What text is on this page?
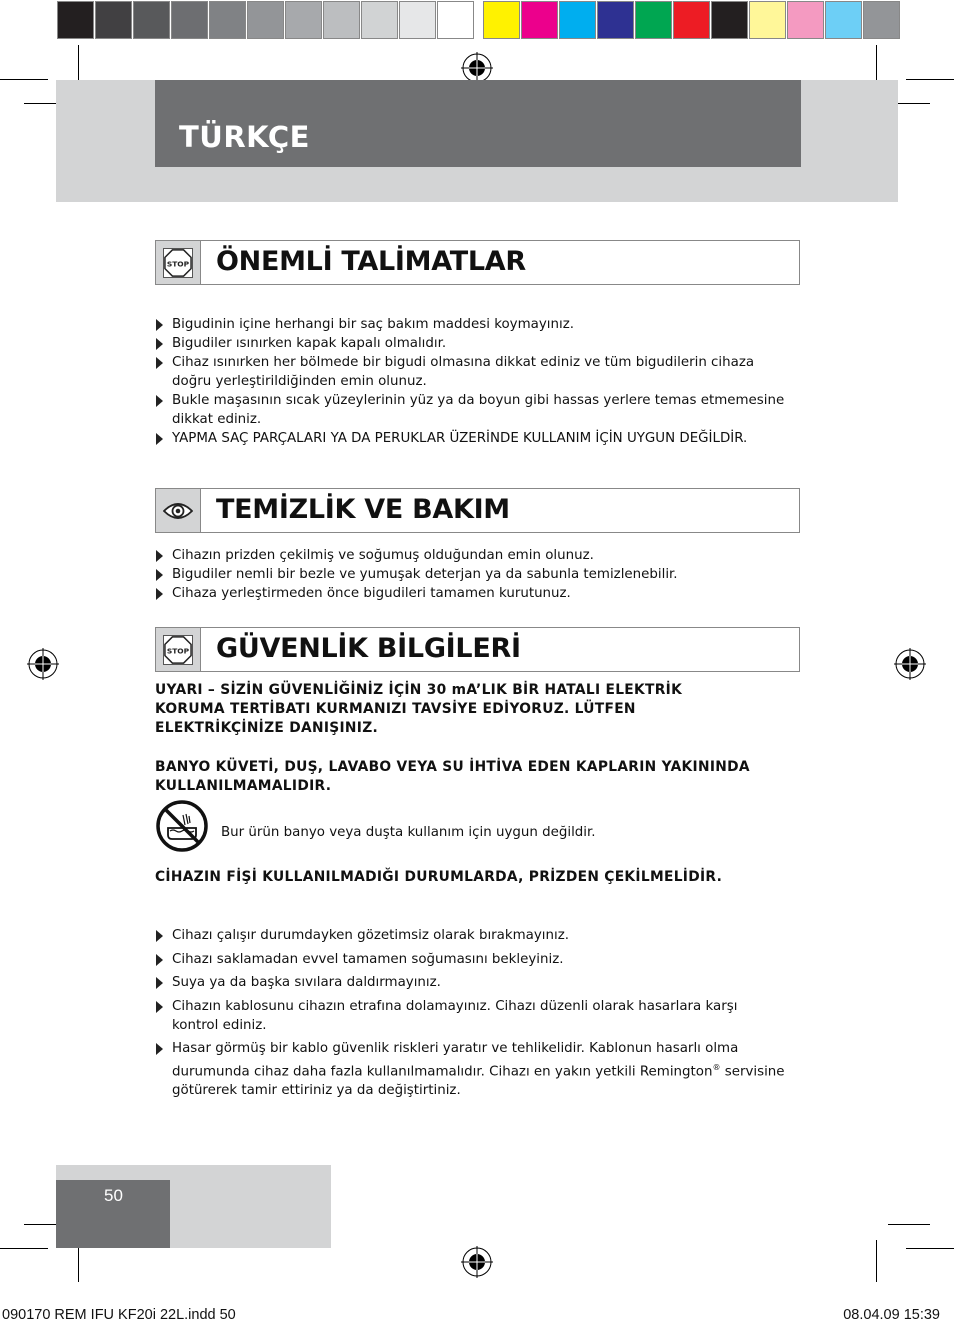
TÜRKÇE
STOP ÖNEMLİ TALİMATLAR
Bigudinin içine herhangi bir saç bakım maddesi koymayınız.
Bigudiler ısınırken kapak kapalı olmalıdır.
Cihaz ısınırken her bölmede bir bigudi olmasına dikkat ediniz ve tüm bigudilerin cihaza doğru yerleştirildiğinden emin olunuz.
Bukle maşasının sıcak yüzeylerinin yüz ya da boyun gibi hassas yerlere temas etmemesine dikkat ediniz.
YAPMA SAÇ PARÇALARI YA DA PERUKLAR ÜZERİNDE KULLANIM İÇİN UYGUN DEĞİLDİR.
TEMİZLİK VE BAKIM
Cihazın prizden çekilmiş ve soğumuş olduğundan emin olunuz.
Bigudiler nemli bir bezle ve yumuşak deterjan ya da sabunla temizlenebilir.
Cihaza yerleştirmeden önce bigudileri tamamen kurutunuz.
STOP GÜVENLİK BİLGİLERİ
UYARI – SİZİN GÜVENLİĞİNİZ İÇİN 30 mA’LIK BİR HATALI ELEKTRİK KORUMA TERTİBATI KURMANIZI TAVSİYE EDİYORUZ. LÜTFEN ELEKTRİKÇİNİZE DANIŞINIZ.
BANYO KÜVETİ, DUŞ, LAVABO VEYA SU İHTİVA EDEN KAPLARIN YAKININDA KULLANILMAMALIDIR.
Bur ürün banyo veya duşta kullanım için uygun değildir.
CİHAZIN FİŞİ KULLANILMADIĞI DURUMLARDA, PRİZDEN ÇEKİLMELİDİR.
Cihazı çalışır durumdayken gözetimsiz olarak bırakmayınız.
Cihazı saklamadan evvel tamamen soğumasını bekleyiniz.
Suya ya da başka sıvılara daldırmayınız.
Cihazın kablosunu cihazın etrafına dolamayınız. Cihazı düzenli olarak hasarlara karşı kontrol ediniz.
Hasar görmüş bir kablo güvenlik riskleri yaratır ve tehlikelidir. Kablonun hasarlı olma durumunda cihaz daha fazla kullanılmamalıdır. Cihazı en yakın yetkili Remington® servisine götürerek tamir ettiriniz ya da değiştirtiniz.
50
090170 REM IFU KF20i 22L.indd 50	08.04.09 15:39
